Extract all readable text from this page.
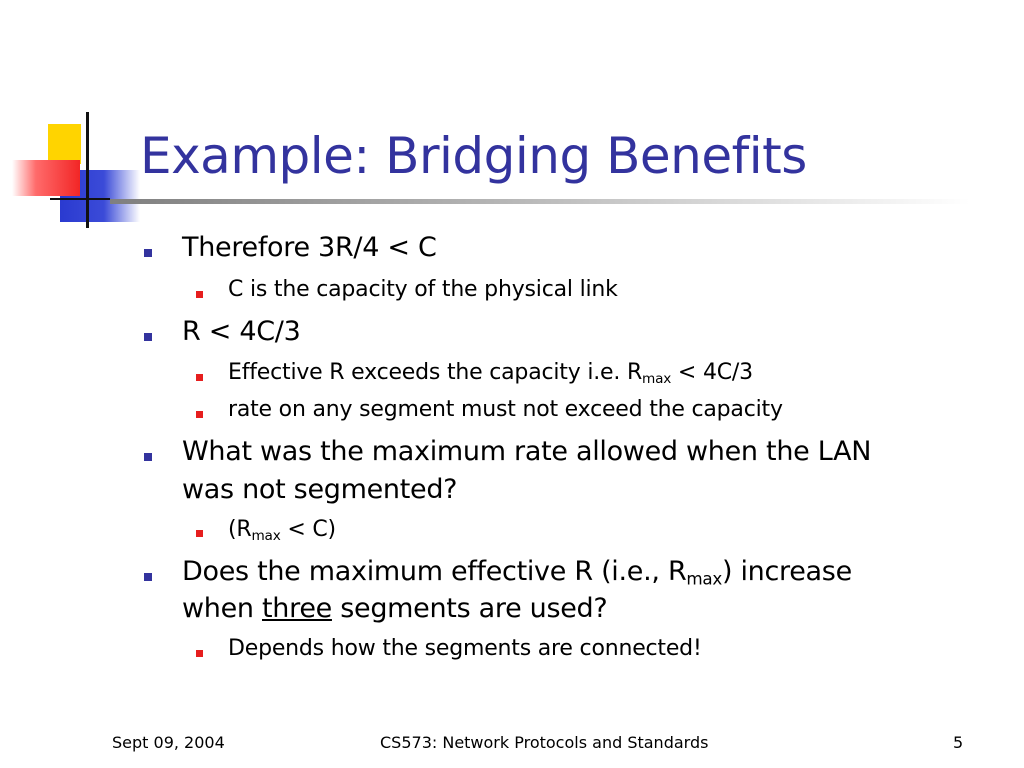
Example: Bridging Benefits
Therefore 3R/4 < C
C is the capacity of the physical link
R < 4C/3
Effective R exceeds the capacity i.e. $R_{max} < 4C/3$
rate on any segment must not exceed the capacity
What was the maximum rate allowed when the LAN
was not segmented?
$(R_{max} < C)$
Does the maximum effective R (i.e., $R_{max}$) increase
when three segments are used?
Depends how the segments are connected!
Sept 09, 2004	CS573: Network Protocols and Standards	5
